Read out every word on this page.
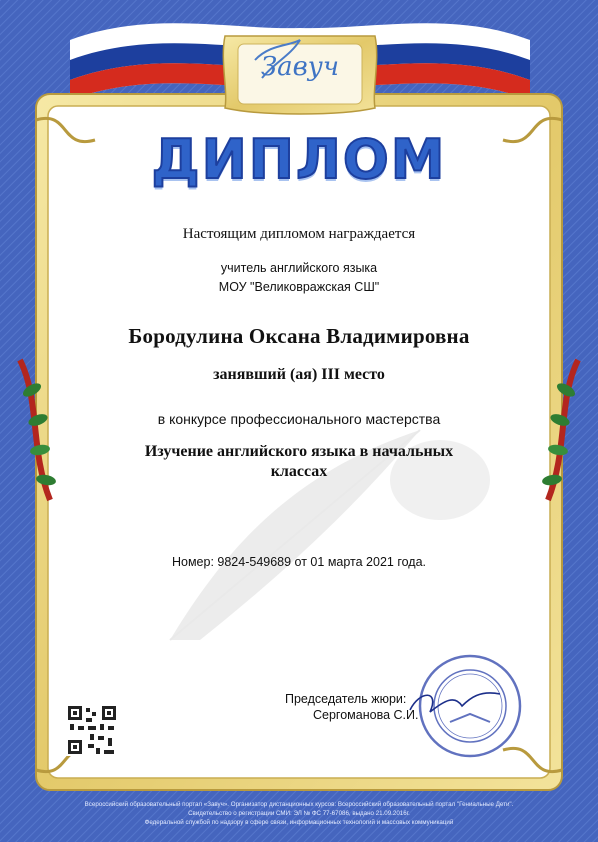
Завуч
ДИПЛОМ
Настоящим дипломом награждается
учитель английского языка
МОУ "Великовражская СШ"
Бородулина Оксана Владимировна
занявший (ая) III место
в конкурсе профессионального мастерства
Изучение английского языка в начальных классах
Номер: 9824-549689 от 01 марта 2021 года.
Председатель жюри:
Сергоманова С.И.
Всероссийский образовательный портал «Завуч». Организатор дистанционных курсов: Всероссийский образовательный портал "Гениальные Дети".
Свидетельство о регистрации СМИ: ЭЛ № ФС 77-67086, выдано 21.09.2016г.
Федеральной службой по надзору в сфере связи, информационных технологий и массовых коммуникаций
